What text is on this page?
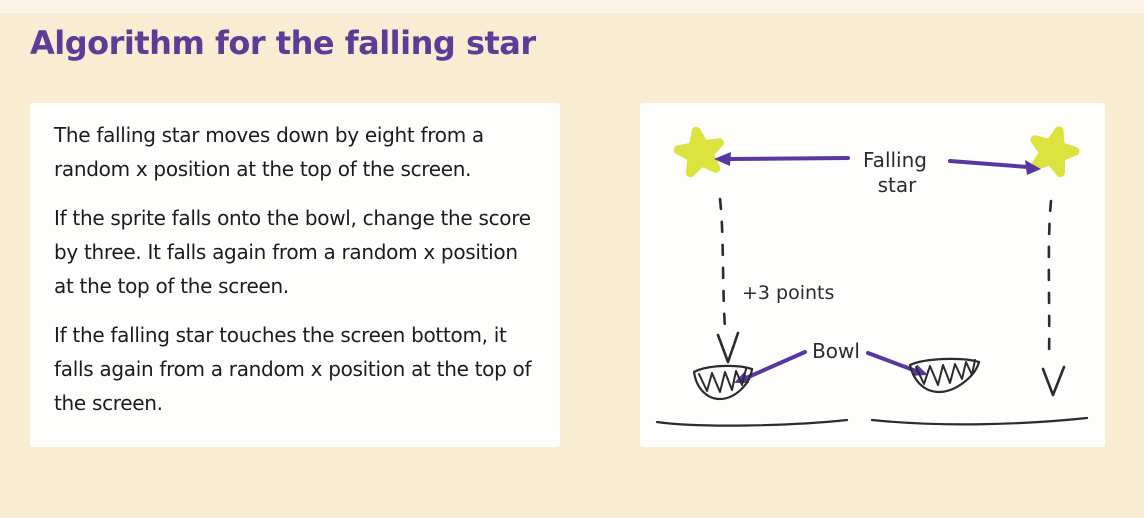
Algorithm for the falling star

The falling star moves down by eight from a random x position at the top of the screen.

If the sprite falls onto the bowl, change the score by three. It falls again from a random x position at the top of the screen.

If the falling star touches the screen bottom, it falls again from a random x position at the top of the screen.

Falling
star
+3 points
Bowl
